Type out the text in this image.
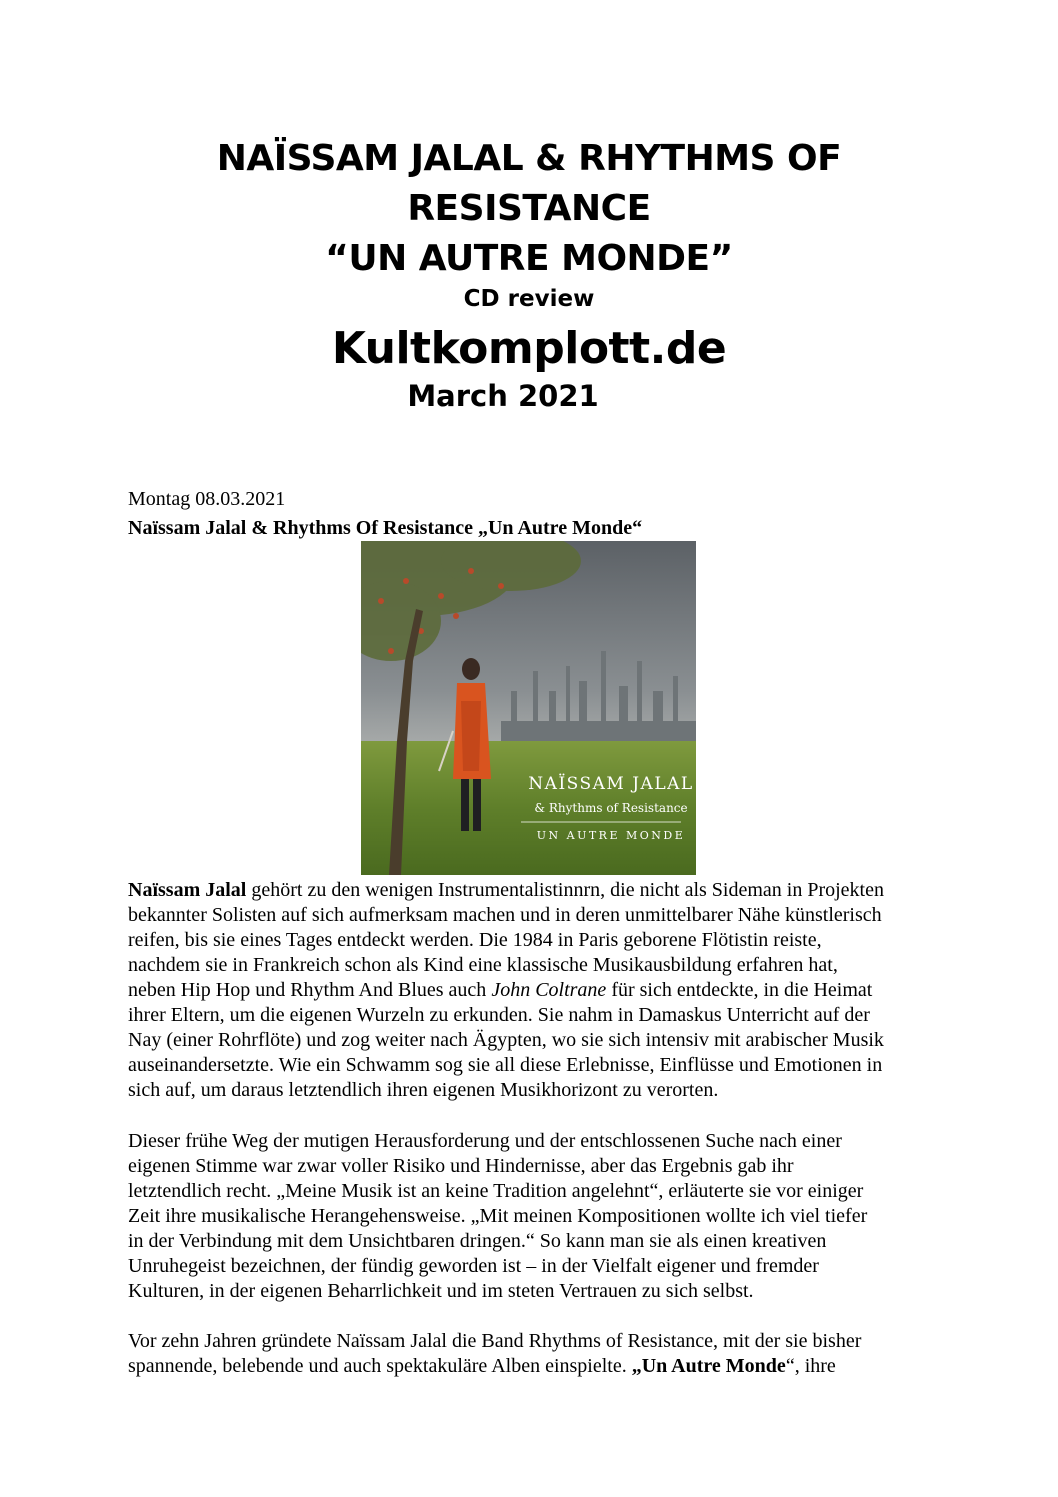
NAÏSSAM JALAL & RHYTHMS OF
RESISTANCE
“UN AUTRE MONDE”
CD review
Kultkomplott.de
March 2021
Montag 08.03.2021
Naïssam Jalal & Rhythms Of Resistance „Un Autre Monde“
NAÏSSAM JALAL
& Rhythms of Resistance
UN AUTRE MONDE
Naïssam Jalal gehört zu den wenigen Instrumentalistinnrn, die nicht als Sideman in Projekten
bekannter Solisten auf sich aufmerksam machen und in deren unmittelbarer Nähe künstlerisch
reifen, bis sie eines Tages entdeckt werden. Die 1984 in Paris geborene Flötistin reiste,
nachdem sie in Frankreich schon als Kind eine klassische Musikausbildung erfahren hat,
neben Hip Hop und Rhythm And Blues auch John Coltrane für sich entdeckte, in die Heimat
ihrer Eltern, um die eigenen Wurzeln zu erkunden. Sie nahm in Damaskus Unterricht auf der
Nay (einer Rohrflöte) und zog weiter nach Ägypten, wo sie sich intensiv mit arabischer Musik
auseinandersetzte. Wie ein Schwamm sog sie all diese Erlebnisse, Einflüsse und Emotionen in
sich auf, um daraus letztendlich ihren eigenen Musikhorizont zu verorten.
Dieser frühe Weg der mutigen Herausforderung und der entschlossenen Suche nach einer
eigenen Stimme war zwar voller Risiko und Hindernisse, aber das Ergebnis gab ihr
letztendlich recht. „Meine Musik ist an keine Tradition angelehnt“, erläuterte sie vor einiger
Zeit ihre musikalische Herangehensweise. „Mit meinen Kompositionen wollte ich viel tiefer
in der Verbindung mit dem Unsichtbaren dringen.“ So kann man sie als einen kreativen
Unruhegeist bezeichnen, der fündig geworden ist – in der Vielfalt eigener und fremder
Kulturen, in der eigenen Beharrlichkeit und im steten Vertrauen zu sich selbst.
Vor zehn Jahren gründete Naïssam Jalal die Band Rhythms of Resistance, mit der sie bisher
spannende, belebende und auch spektakuläre Alben einspielte. „Un Autre Monde“, ihre
